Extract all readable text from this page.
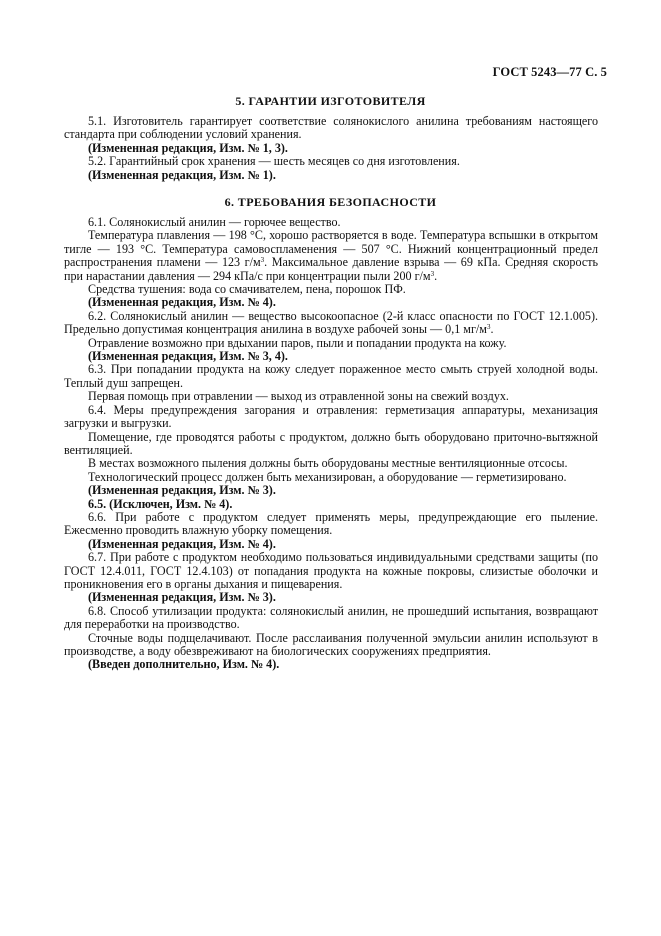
ГОСТ 5243—77 С. 5
5. ГАРАНТИИ ИЗГОТОВИТЕЛЯ

5.1. Изготовитель гарантирует соответствие солянокислого анилина требованиям настоящего стандарта при соблюдении условий хранения.

(Измененная редакция, Изм. № 1, 3).

5.2. Гарантийный срок хранения — шесть месяцев со дня изготовления.

(Измененная редакция, Изм. № 1).

6. ТРЕБОВАНИЯ БЕЗОПАСНОСТИ

6.1. Солянокислый анилин — горючее вещество.

Температура плавления — 198 °С, хорошо растворяется в воде. Температура вспышки в открытом тигле — 193 °С. Температура самовоспламенения — 507 °С. Нижний концентрационный предел распространения пламени — 123 $г/м^3$. Максимальное давление взрыва — 69 кПа. Средняя скорость при нарастании давления — 294 кПа/с при концентрации пыли 200 $г/м^3$.

Средства тушения: вода со смачивателем, пена, порошок ПФ.

(Измененная редакция, Изм. № 4).

6.2. Солянокислый анилин — вещество высокоопасное (2-й класс опасности по ГОСТ 12.1.005). Предельно допустимая концентрация анилина в воздухе рабочей зоны — 0,1 $мг/м^3$.

Отравление возможно при вдыхании паров, пыли и попадании продукта на кожу.

(Измененная редакция, Изм. № 3, 4).

6.3. При попадании продукта на кожу следует пораженное место смыть струей холодной воды. Теплый душ запрещен.

Первая помощь при отравлении — выход из отравленной зоны на свежий воздух.

6.4. Меры предупреждения загорания и отравления: герметизация аппаратуры, механизация загрузки и выгрузки.

Помещение, где проводятся работы с продуктом, должно быть оборудовано приточно-вытяжной вентиляцией.

В местах возможного пыления должны быть оборудованы местные вентиляционные отсосы.

Технологический процесс должен быть механизирован, а оборудование — герметизировано.

(Измененная редакция, Изм. № 3).

6.5. (Исключен, Изм. № 4).

6.6. При работе с продуктом следует применять меры, предупреждающие его пыление. Ежесменно проводить влажную уборку помещения.

(Измененная редакция, Изм. № 4).

6.7. При работе с продуктом необходимо пользоваться индивидуальными средствами защиты (по ГОСТ 12.4.011, ГОСТ 12.4.103) от попадания продукта на кожные покровы, слизистые оболочки и проникновения его в органы дыхания и пищеварения.

(Измененная редакция, Изм. № 3).

6.8. Способ утилизации продукта: солянокислый анилин, не прошедший испытания, возвращают для переработки на производство.

Сточные воды подщелачивают. После расслаивания полученной эмульсии анилин используют в производстве, а воду обезвреживают на биологических сооружениях предприятия.

(Введен дополнительно, Изм. № 4).
